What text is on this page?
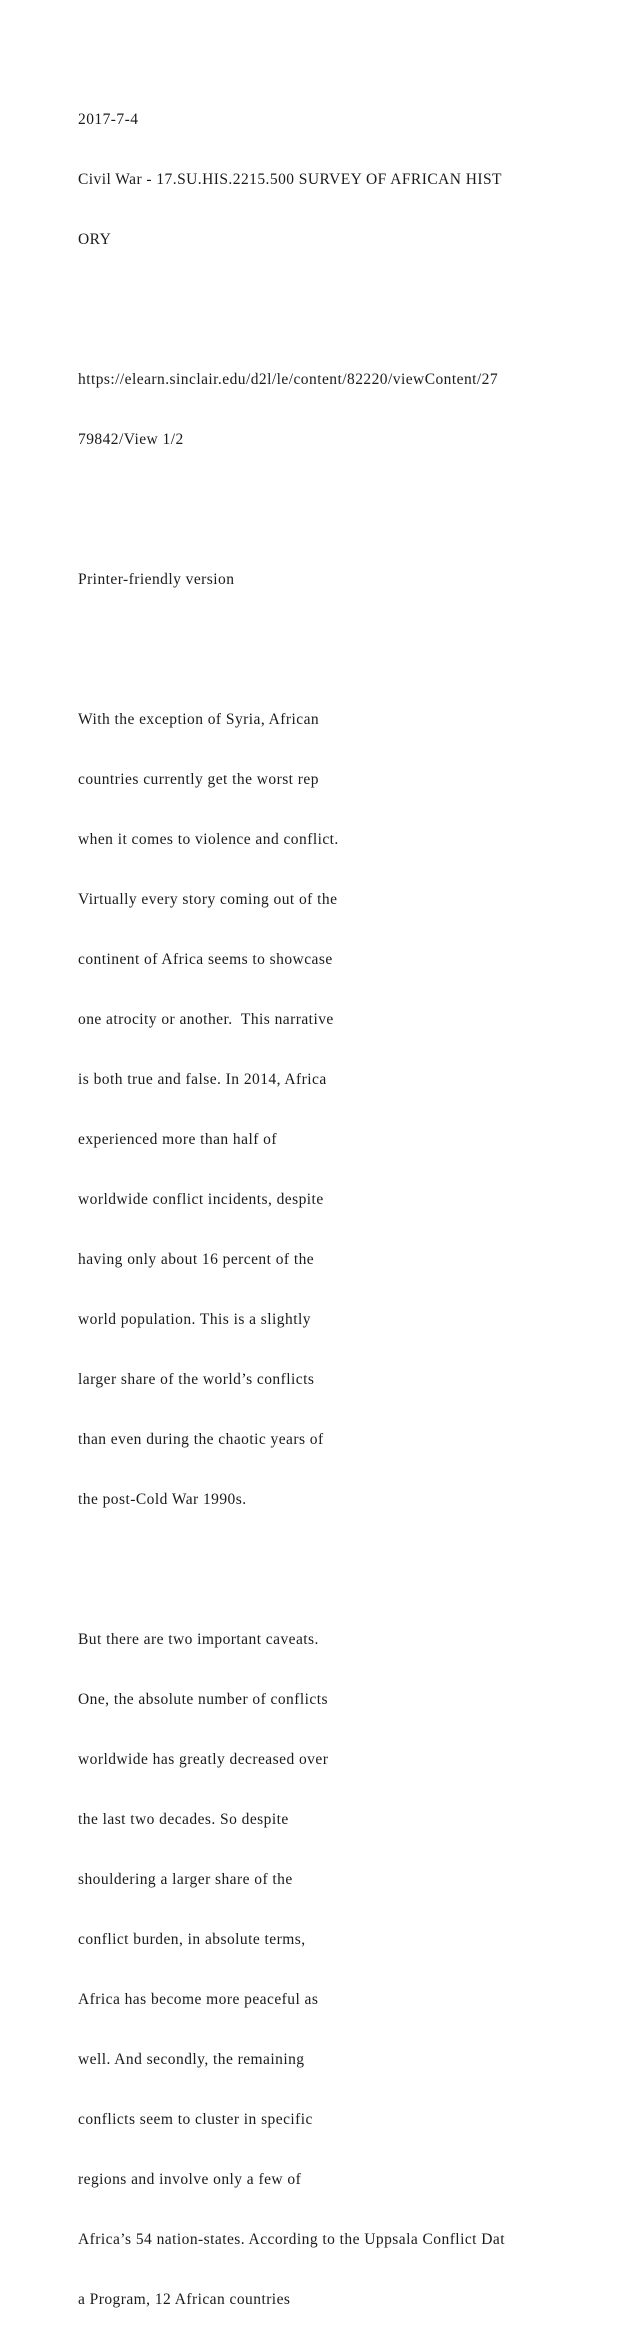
2017-7-4

Civil War - 17.SU.HIS.2215.500 SURVEY OF AFRICAN HIST

ORY

https://elearn.sinclair.edu/d2l/le/content/82220/viewContent/27

79842/View 1/2

Printer-friendly version

With the exception of Syria, African

countries currently get the worst rep

when it comes to violence and conflict.

Virtually every story coming out of the

continent of Africa seems to showcase

one atrocity or another.  This narrative

is both true and false. In 2014, Africa

experienced more than half of

worldwide conflict incidents, despite

having only about 16 percent of the

world population. This is a slightly

larger share of the world’s conflicts

than even during the chaotic years of

the post-Cold War 1990s.

But there are two important caveats.

One, the absolute number of conflicts

worldwide has greatly decreased over

the last two decades. So despite

shouldering a larger share of the

conflict burden, in absolute terms,

Africa has become more peaceful as

well. And secondly, the remaining

conflicts seem to cluster in specific

regions and involve only a few of

Africa’s 54 nation-states. According to the Uppsala Conflict Dat

a Program, 12 African countries
